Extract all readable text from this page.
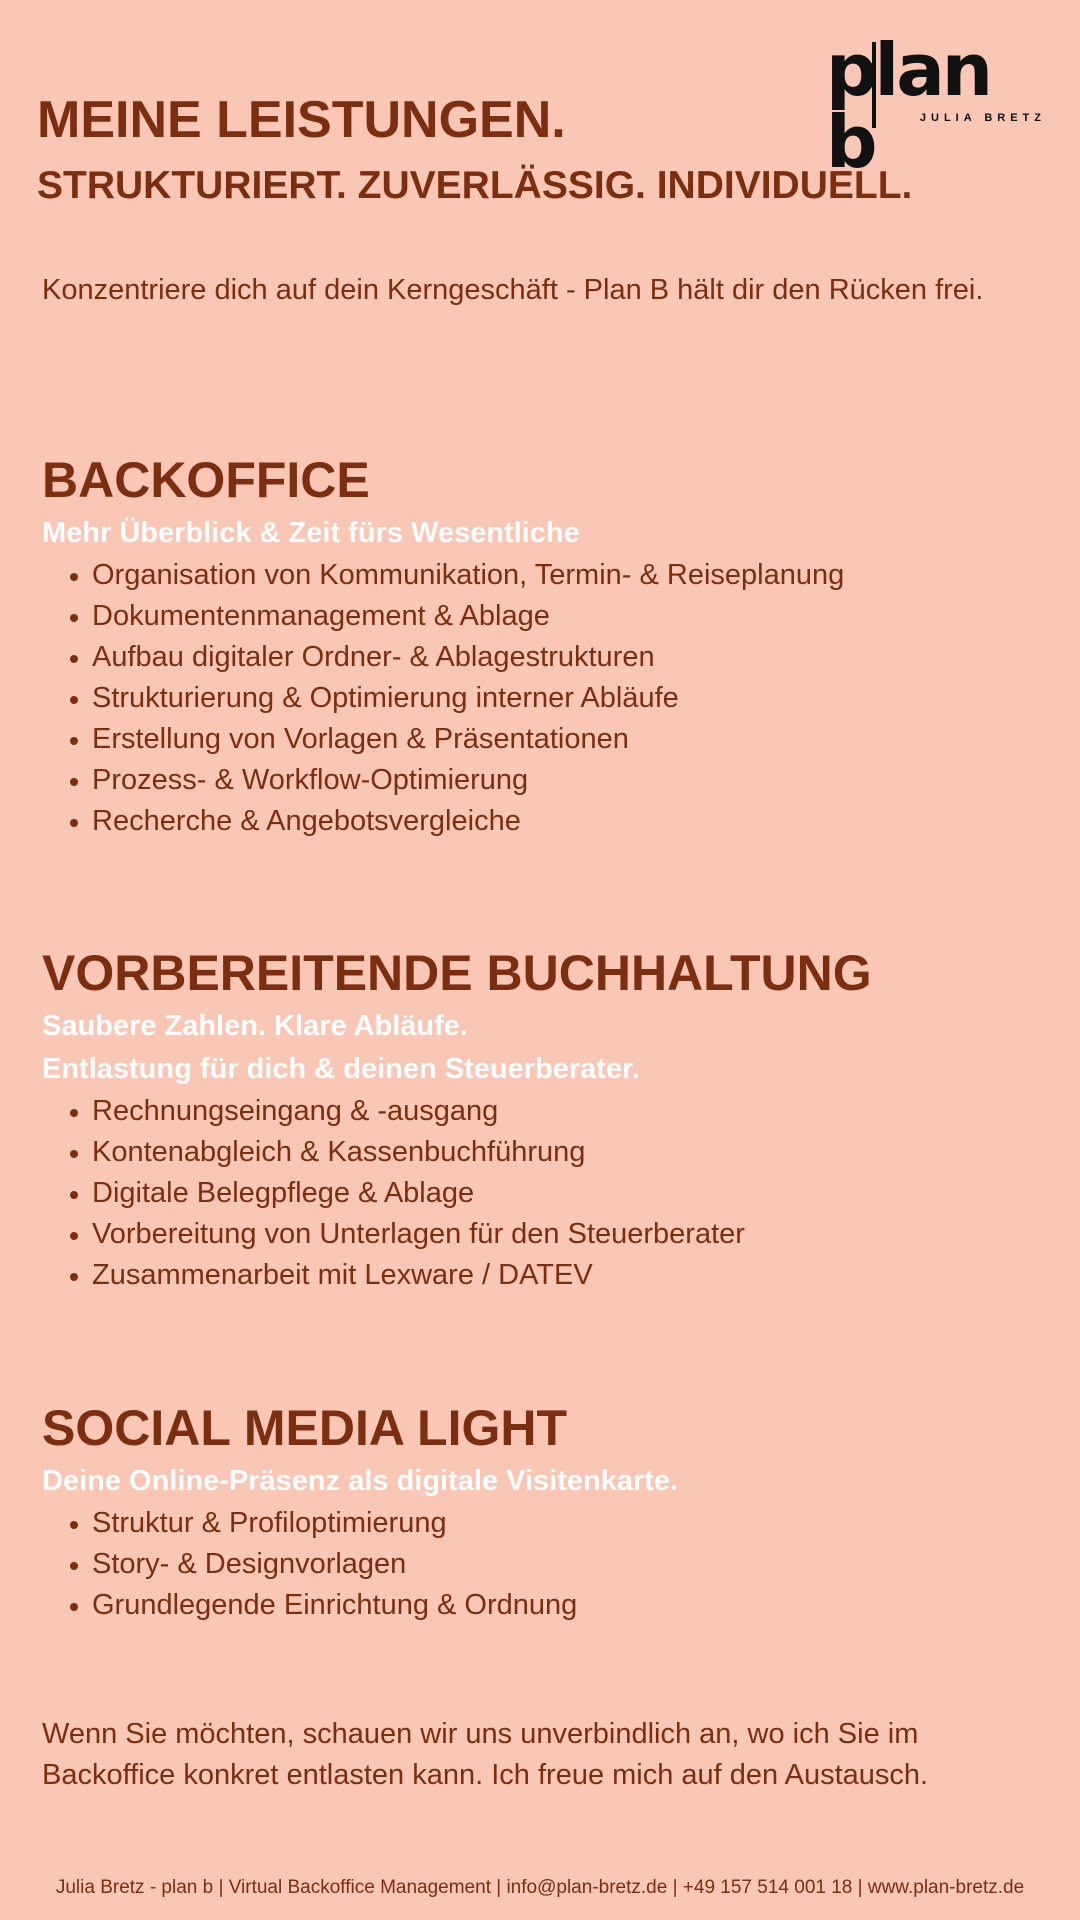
plan b	JULIA BRETZ
MEINE LEISTUNGEN.
STRUKTURIERT. ZUVERLÄSSIG. INDIVIDUELL.

Konzentriere dich auf dein Kerngeschäft - Plan B hält dir den Rücken frei.

BACKOFFICE
Mehr Überblick & Zeit fürs Wesentliche
Organisation von Kommunikation, Termin- & Reiseplanung
Dokumentenmanagement & Ablage
Aufbau digitaler Ordner- & Ablagestrukturen
Strukturierung & Optimierung interner Abläufe
Erstellung von Vorlagen & Präsentationen
Prozess- & Workflow-Optimierung
Recherche & Angebotsvergleiche
VORBEREITENDE BUCHHALTUNG
Saubere Zahlen. Klare Abläufe.
Entlastung für dich & deinen Steuerberater.
Rechnungseingang & -ausgang
Kontenabgleich & Kassenbuchführung
Digitale Belegpflege & Ablage
Vorbereitung von Unterlagen für den Steuerberater
Zusammenarbeit mit Lexware / DATEV
SOCIAL MEDIA LIGHT
Deine Online-Präsenz als digitale Visitenkarte.
Struktur & Profiloptimierung
Story- & Designvorlagen
Grundlegende Einrichtung & Ordnung

Wenn Sie möchten, schauen wir uns unverbindlich an, wo ich Sie im Backoffice konkret entlasten kann. Ich freue mich auf den Austausch.

Julia Bretz - plan b | Virtual Backoffice Management | info@plan-bretz.de | +49 157 514 001 18 | www.plan-bretz.de
